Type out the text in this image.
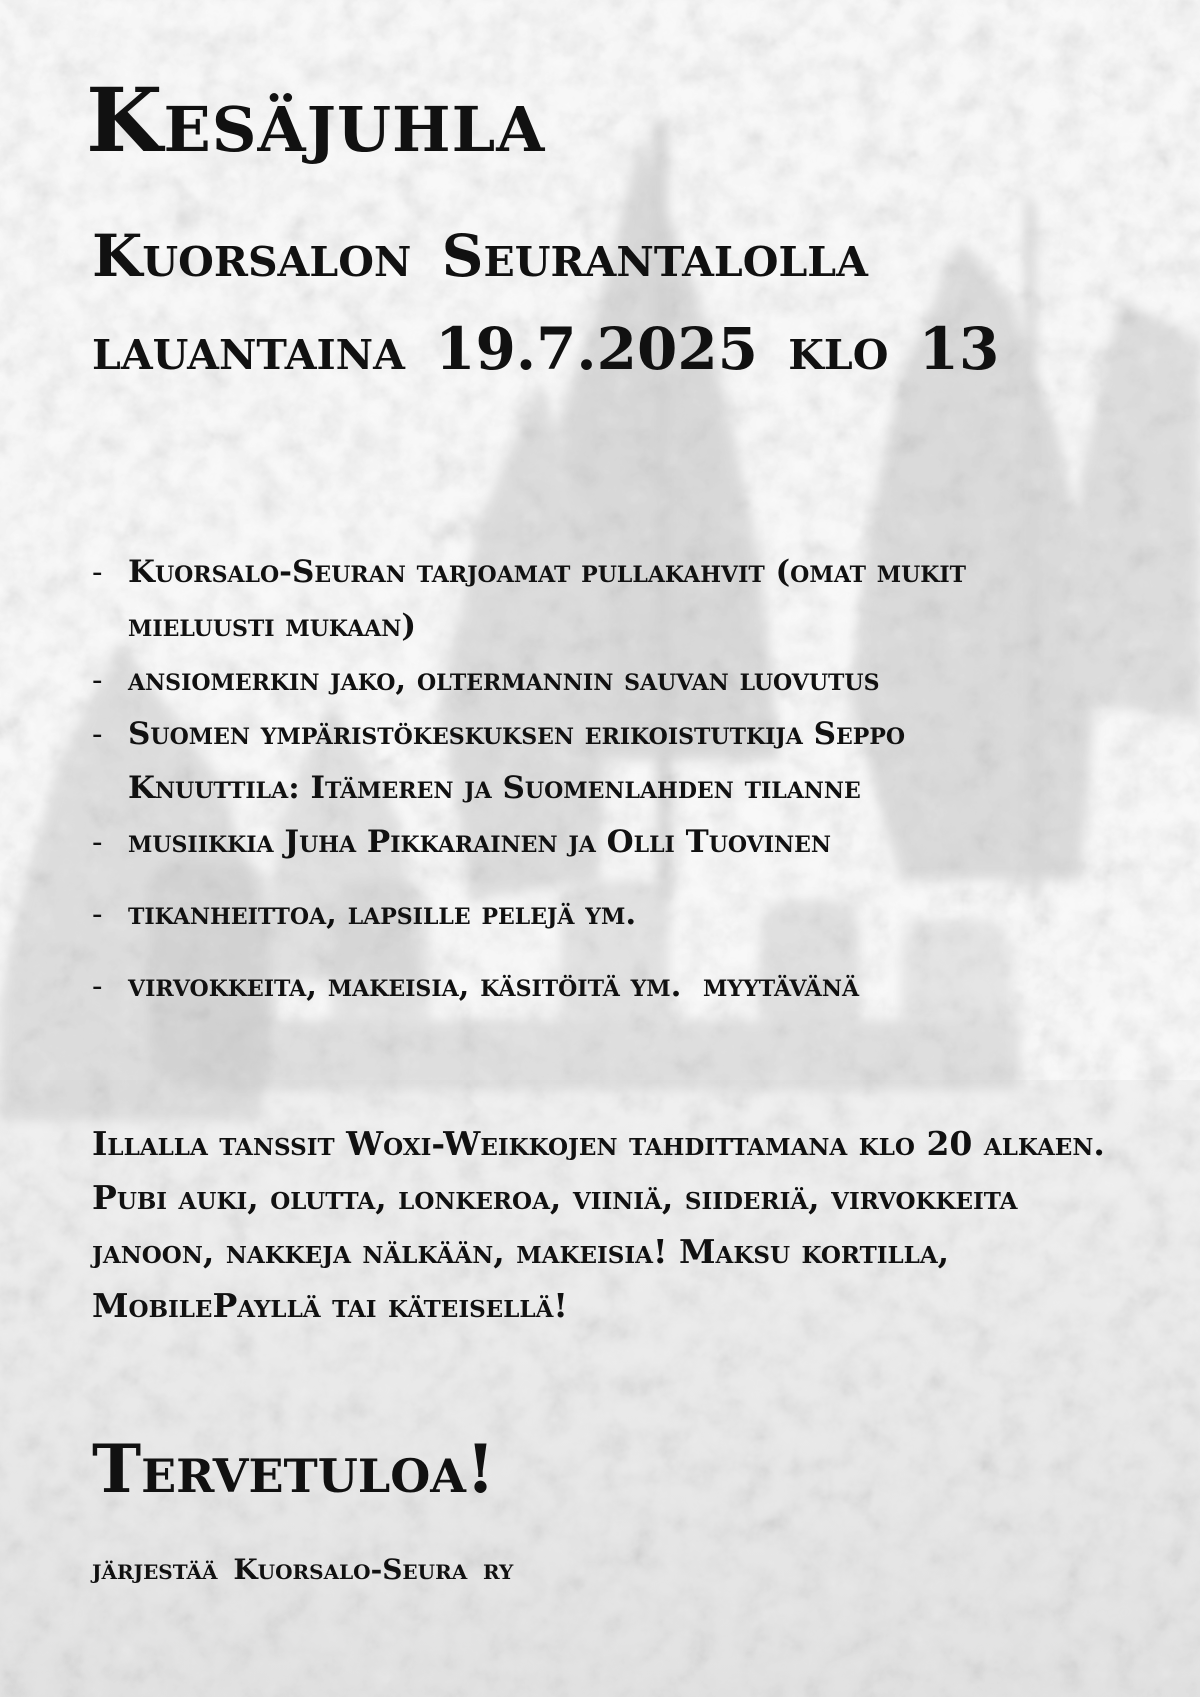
Kesäjuhla

Kuorsalon Seurantalolla

lauantaina 19.7.2025 klo 13

- Kuorsalo-Seuran tarjoamat pullakahvit (omat mukit mieluusti mukaan)
- ansiomerkin jako, oltermannin sauvan luovutus
- Suomen ympäristökeskuksen erikoistutkija Seppo Knuuttila: Itämeren ja Suomenlahden tilanne
- musiikkia Juha Pikkarainen ja Olli Tuovinen
- tikanheittoa, lapsille pelejä ym.
- virvokkeita, makeisia, käsitöitä ym.  myytävänä

Illalla tanssit Woxi-Weikkojen tahdittamana klo 20 alkaen. Pubi auki, olutta, lonkeroa, viiniä, siideriä, virvokkeita janoon, nakkeja nälkään, makeisia! Maksu kortilla, MobilePayllä tai käteisellä!

Tervetuloa!

järjestää Kuorsalo-Seura ry
